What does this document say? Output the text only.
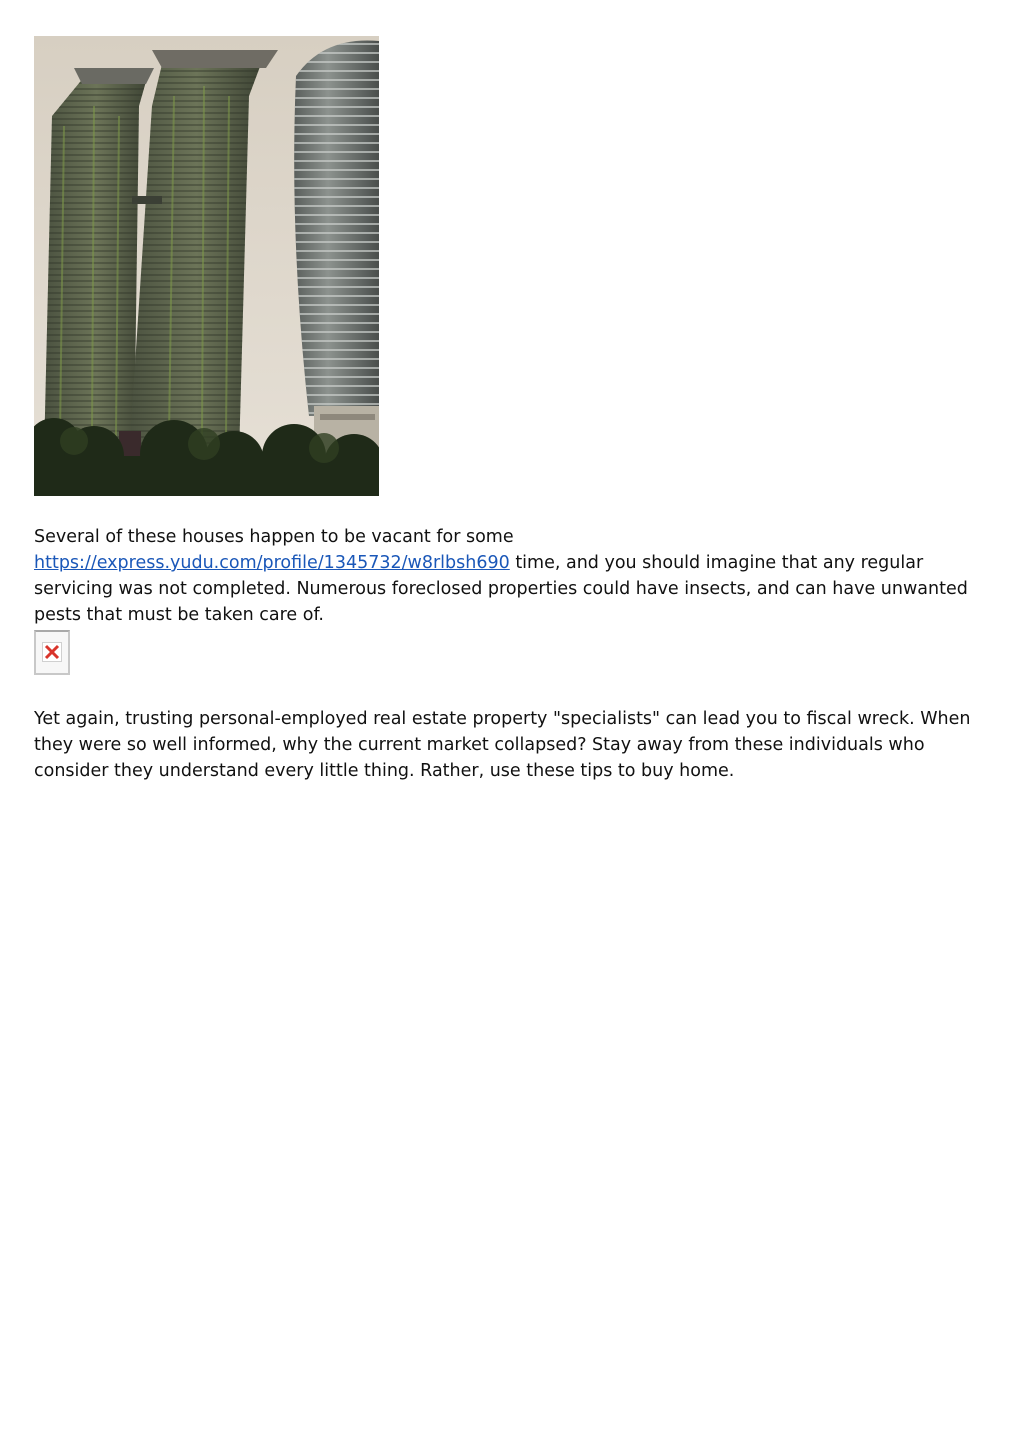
Several of these houses happen to be vacant for some https://express.yudu.com/profile/1345732/w8rlbsh690 time, and you should imagine that any regular servicing was not completed. Numerous foreclosed properties could have insects, and can have unwanted pests that must be taken care of.

Yet again, trusting personal-employed real estate property "specialists" can lead you to fiscal wreck. When they were so well informed, why the current market collapsed? Stay away from these individuals who consider they understand every little thing. Rather, use these tips to buy home.
